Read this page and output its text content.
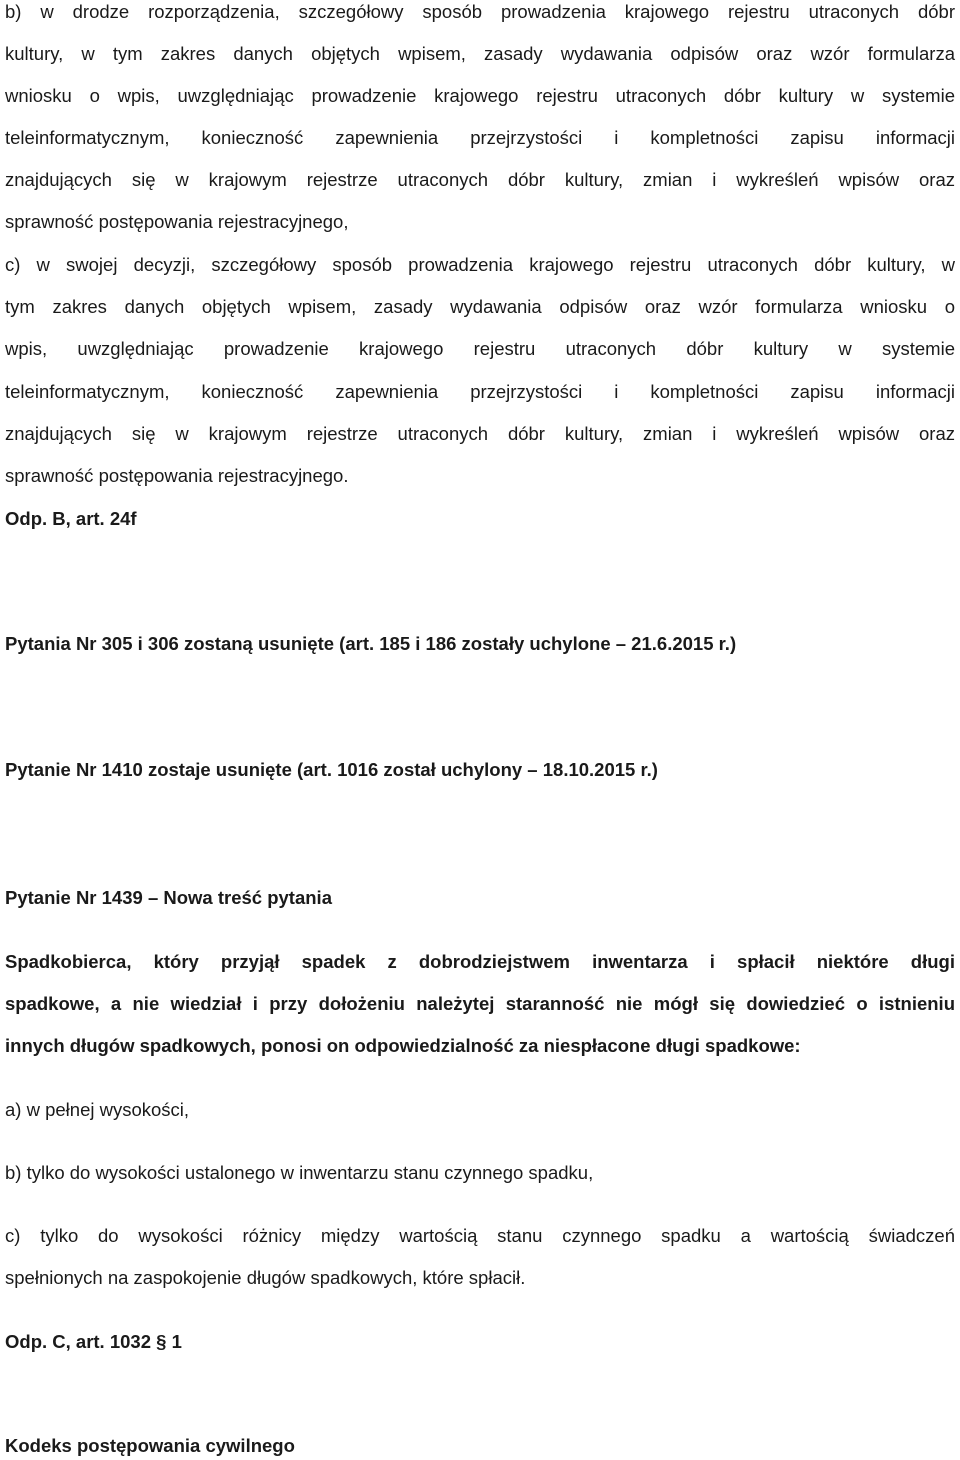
b) w drodze rozporządzenia, szczegółowy sposób prowadzenia krajowego rejestru utraconych dóbr
kultury, w tym zakres danych objętych wpisem, zasady wydawania odpisów oraz wzór formularza
wniosku o wpis, uwzględniając prowadzenie krajowego rejestru utraconych dóbr kultury w systemie
teleinformatycznym, konieczność zapewnienia przejrzystości i kompletności zapisu informacji
znajdujących się w krajowym rejestrze utraconych dóbr kultury, zmian i wykreśleń wpisów oraz
sprawność postępowania rejestracyjnego,
c) w swojej decyzji, szczegółowy sposób prowadzenia krajowego rejestru utraconych dóbr kultury, w
tym zakres danych objętych wpisem, zasady wydawania odpisów oraz wzór formularza wniosku o
wpis, uwzględniając prowadzenie krajowego rejestru utraconych dóbr kultury w systemie
teleinformatycznym, konieczność zapewnienia przejrzystości i kompletności zapisu informacji
znajdujących się w krajowym rejestrze utraconych dóbr kultury, zmian i wykreśleń wpisów oraz
sprawność postępowania rejestracyjnego.
Odp. B, art. 24f
Pytania Nr 305 i 306 zostaną usunięte (art. 185 i 186 zostały uchylone – 21.6.2015 r.)
Pytanie Nr 1410 zostaje usunięte (art. 1016 został uchylony – 18.10.2015 r.)
Pytanie Nr 1439 – Nowa treść pytania
Spadkobierca, który przyjął spadek z dobrodziejstwem inwentarza i spłacił niektóre długi
spadkowe, a nie wiedział i przy dołożeniu należytej staranność nie mógł się dowiedzieć o istnieniu
innych długów spadkowych, ponosi on odpowiedzialność za niespłacone długi spadkowe:
a) w pełnej wysokości,
b) tylko do wysokości ustalonego w inwentarzu stanu czynnego spadku,
c) tylko do wysokości różnicy między wartością stanu czynnego spadku a wartością świadczeń
spełnionych na zaspokojenie długów spadkowych, które spłacił.
Odp. C, art. 1032 § 1
Kodeks postępowania cywilnego
